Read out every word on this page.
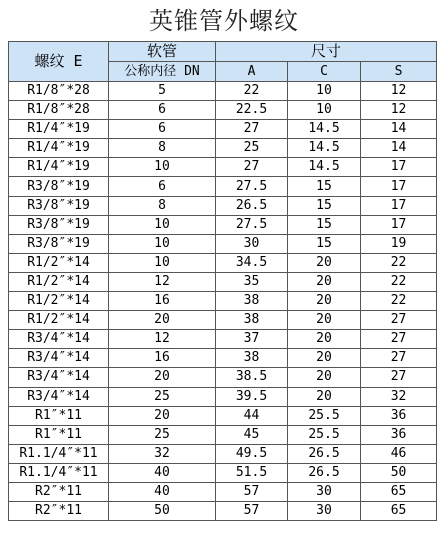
英锥管外螺纹
螺纹 E	软管	尺寸		
	公称内径 DN	A	C	S
R1/8″*28	5	22	10	12
R1/8″*28	6	22.5	10	12
R1/4″*19	6	27	14.5	14
R1/4″*19	8	25	14.5	14
R1/4″*19	10	27	14.5	17
R3/8″*19	6	27.5	15	17
R3/8″*19	8	26.5	15	17
R3/8″*19	10	27.5	15	17
R3/8″*19	10	30	15	19
R1/2″*14	10	34.5	20	22
R1/2″*14	12	35	20	22
R1/2″*14	16	38	20	22
R1/2″*14	20	38	20	27
R3/4″*14	12	37	20	27
R3/4″*14	16	38	20	27
R3/4″*14	20	38.5	20	27
R3/4″*14	25	39.5	20	32
R1″*11	20	44	25.5	36
R1″*11	25	45	25.5	36
R1.1/4″*11	32	49.5	26.5	46
R1.1/4″*11	40	51.5	26.5	50
R2″*11	40	57	30	65
R2″*11	50	57	30	65
